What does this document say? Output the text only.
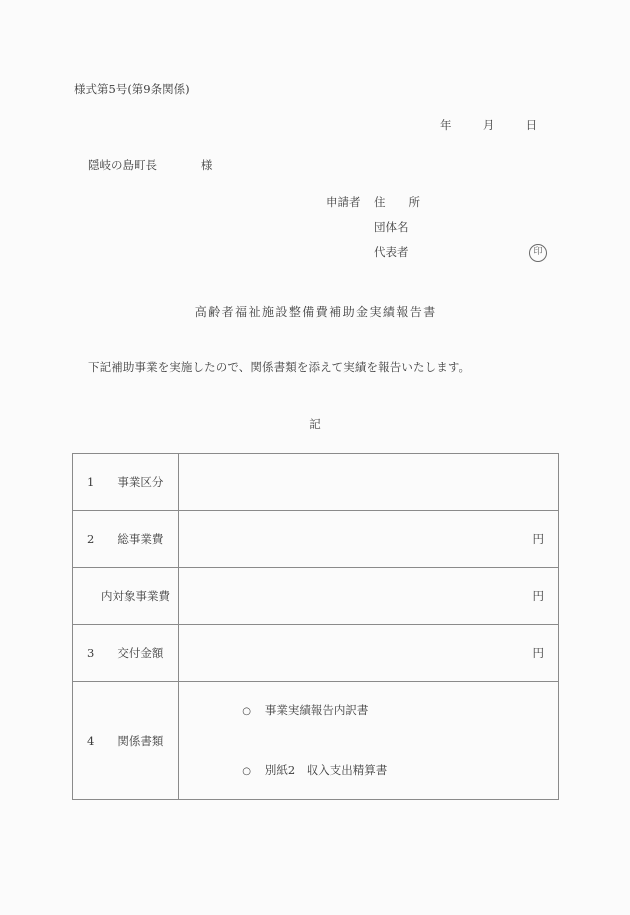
様式第5号(第9条関係)
年        月        日
隠岐の島町長            様

申請者

住　　所

団体名

代表者

	印

高齢者福祉施設整備費補助金実績報告書
下記補助事業を実施したので、関係書類を添えて実績を報告いたします。
記
1　　事業区分	

2　　総事業費	円

内対象事業費	円

3　　交付金額	円

4　　関係書類	○ 事業実績報告内訳書

○ 別紙2　収入支出精算書
